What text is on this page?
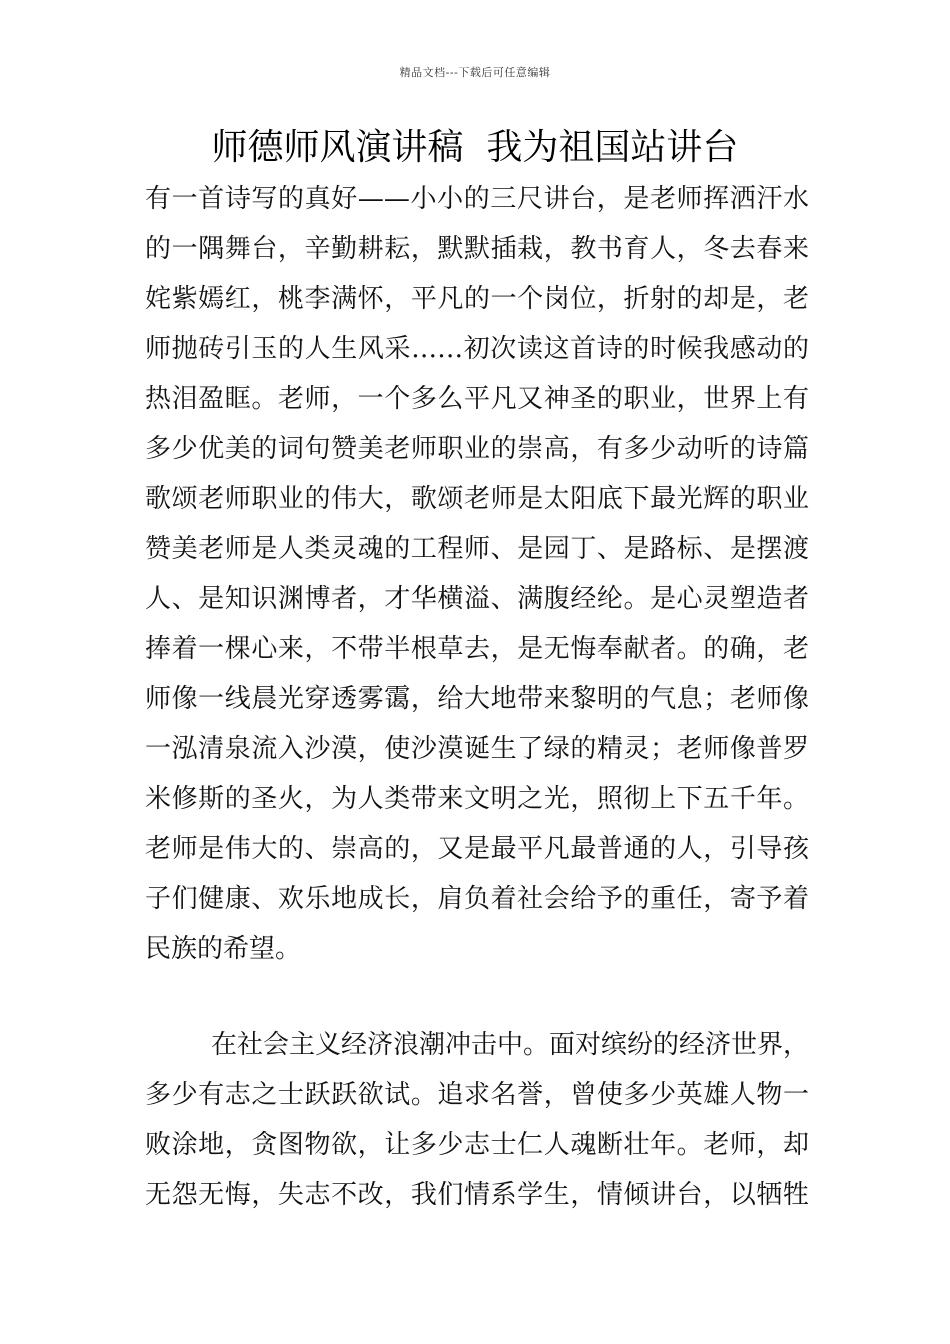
精品文档---下载后可任意编辑
师德师风演讲稿  我为祖国站讲台
有一首诗写的真好——小小的三尺讲台，是老师挥洒汗水
的一隅舞台，辛勤耕耘，默默插栽，教书育人，冬去春来
姹紫嫣红，桃李满怀，平凡的一个岗位，折射的却是，老
师抛砖引玉的人生风采……初次读这首诗的时候我感动的
热泪盈眶。老师，一个多么平凡又神圣的职业，世界上有
多少优美的词句赞美老师职业的崇高，有多少动听的诗篇
歌颂老师职业的伟大，歌颂老师是太阳底下最光辉的职业
赞美老师是人类灵魂的工程师、是园丁、是路标、是摆渡
人、是知识渊博者，才华横溢、满腹经纶。是心灵塑造者
捧着一棵心来，不带半根草去，是无悔奉献者。的确，老
师像一线晨光穿透雾霭，给大地带来黎明的气息；老师像
一泓清泉流入沙漠，使沙漠诞生了绿的精灵；老师像普罗
米修斯的圣火，为人类带来文明之光，照彻上下五千年。
老师是伟大的、崇高的，又是最平凡最普通的人，引导孩
子们健康、欢乐地成长，肩负着社会给予的重任，寄予着
民族的希望。
在社会主义经济浪潮冲击中。面对缤纷的经济世界，
多少有志之士跃跃欲试。追求名誉，曾使多少英雄人物一
败涂地，贪图物欲，让多少志士仁人魂断壮年。老师，却
无怨无悔，失志不改，我们情系学生，情倾讲台，以牺牲
